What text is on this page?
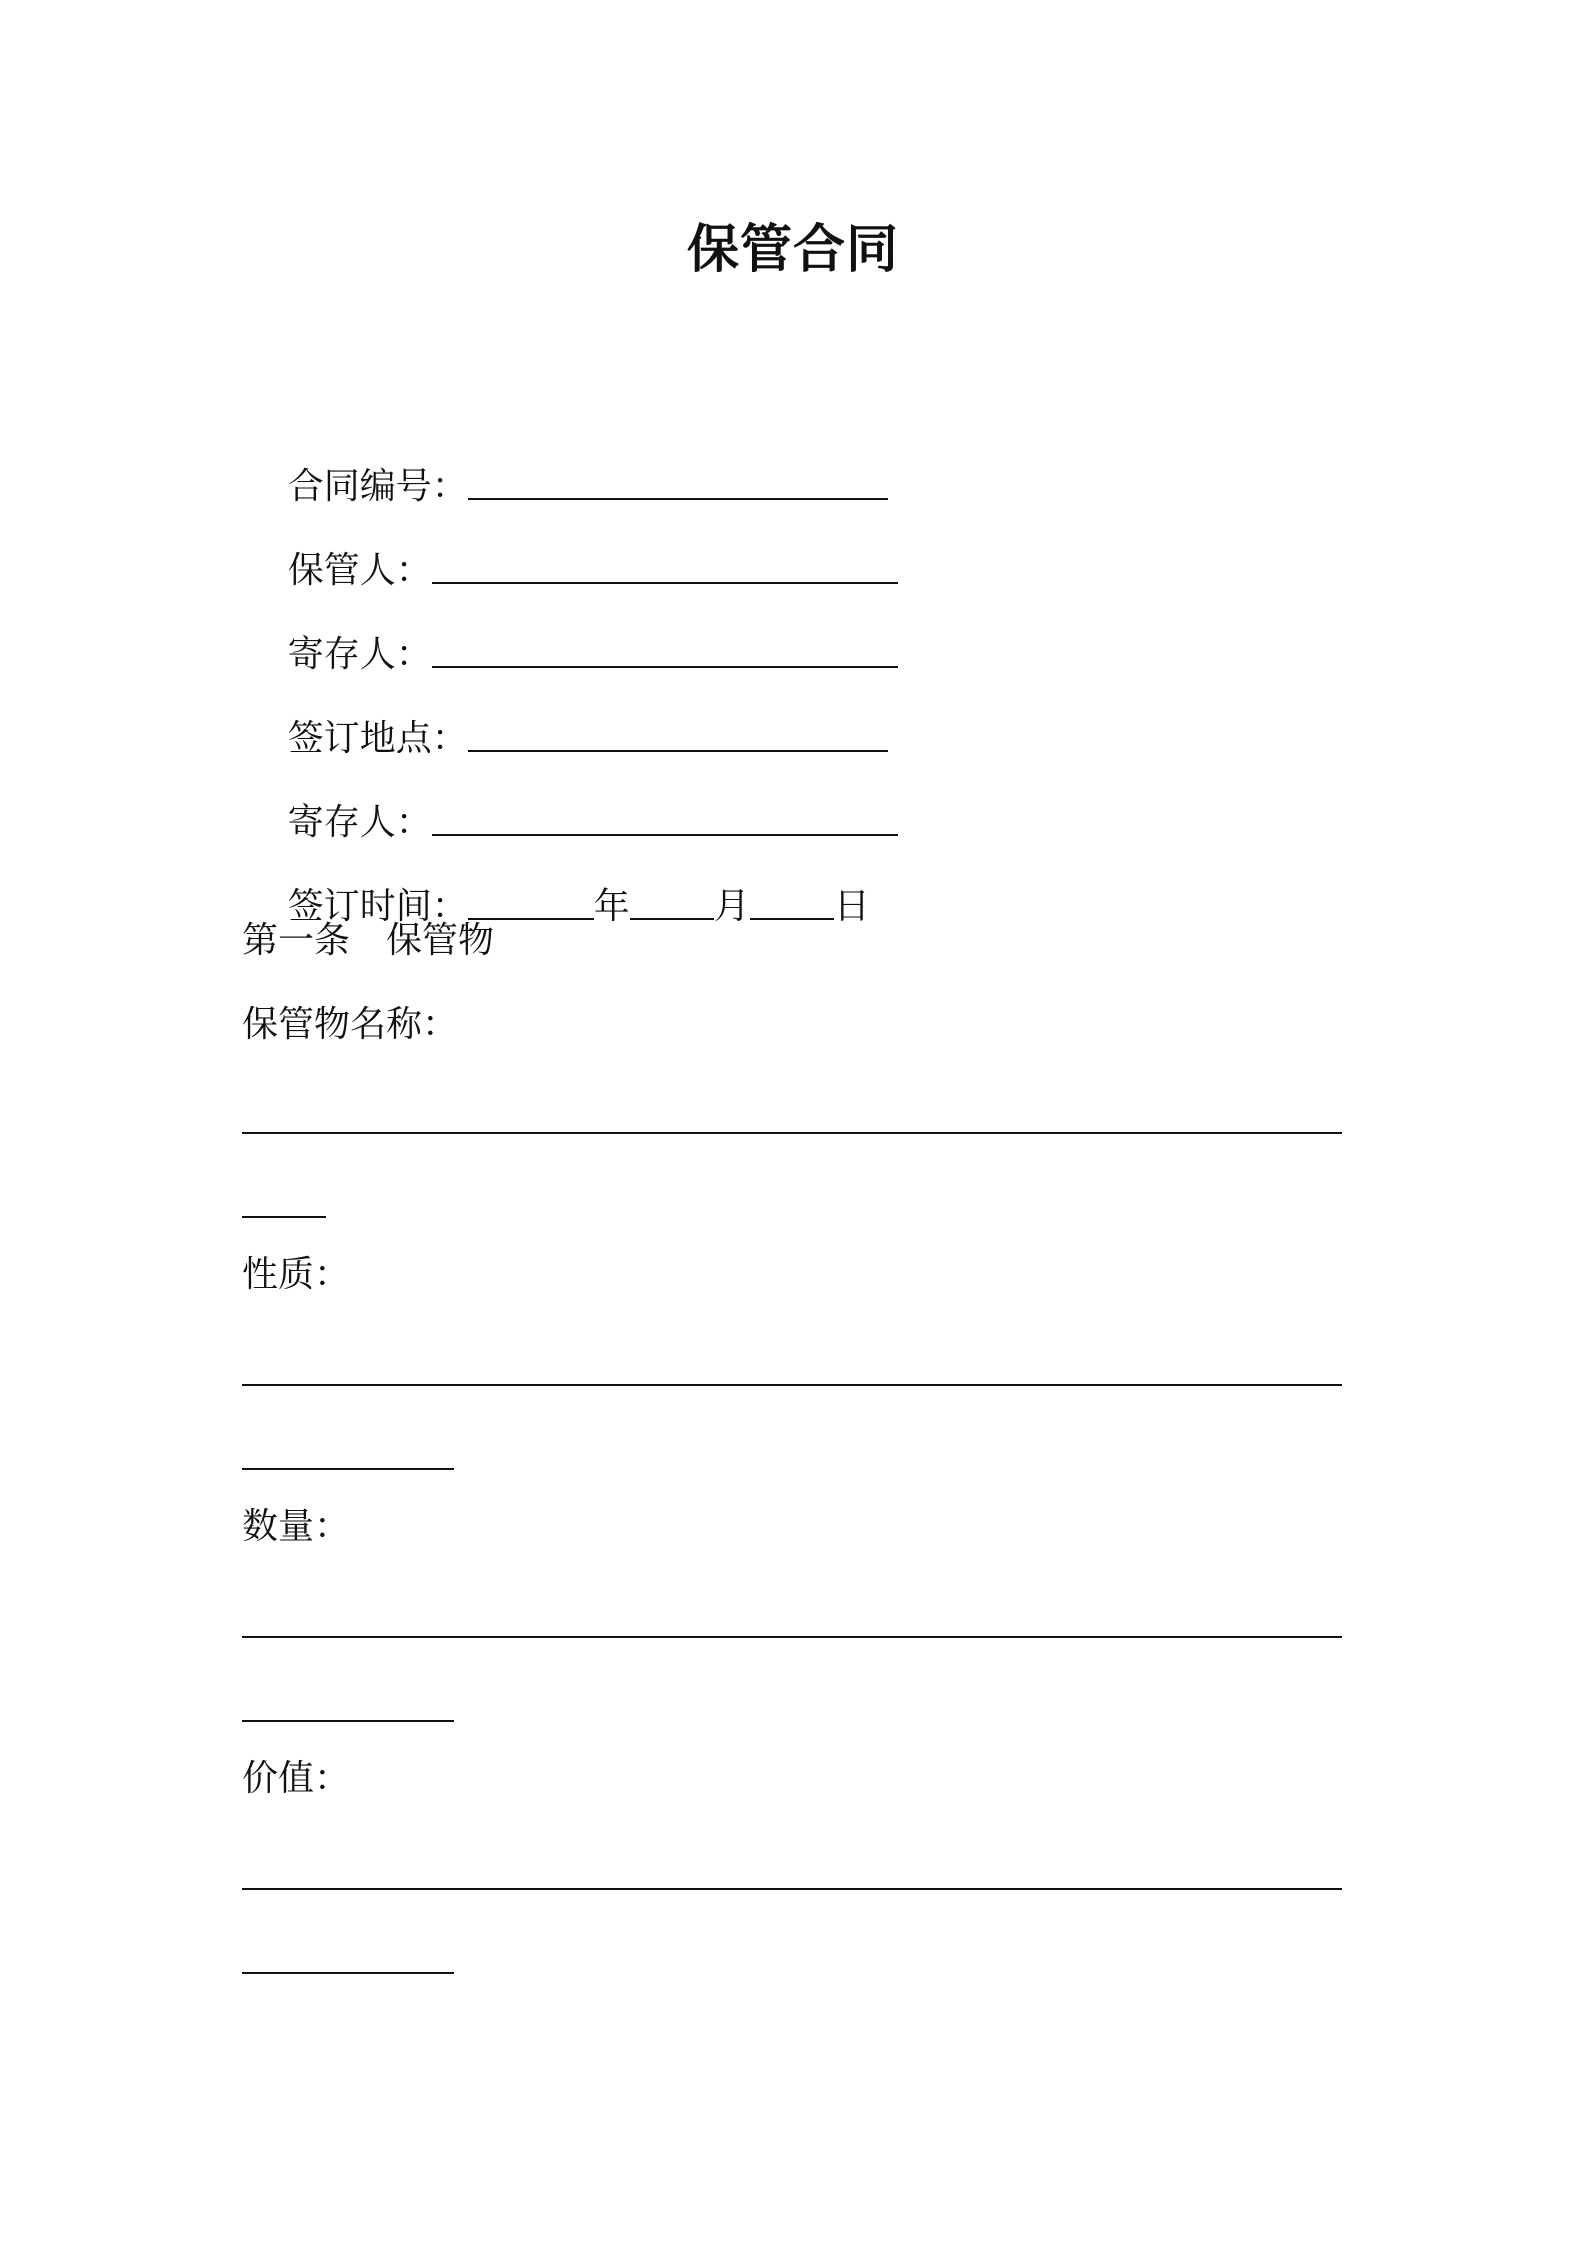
保管合同

合同编号：

保管人：

寄存人：

签订地点：

寄存人：

签订时间：	年 月 日

第一条　保管物
保管物名称：
性质：
数量：
价值：
